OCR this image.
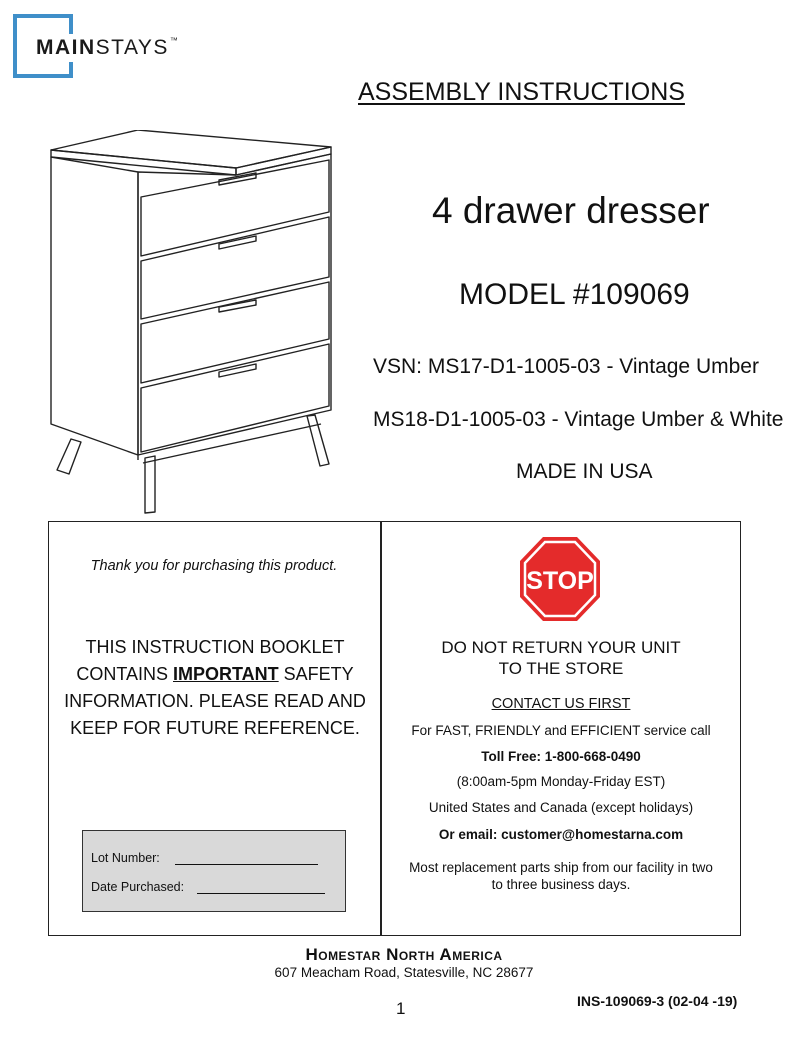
MAINSTAYS™
ASSEMBLY INSTRUCTIONS
4 drawer dresser
MODEL #109069
VSN: MS17-D1-1005-03 - Vintage Umber
MS18-D1-1005-03 - Vintage Umber & White
MADE IN USA
Thank you for purchasing this product.
THIS INSTRUCTION BOOKLET CONTAINS IMPORTANT SAFETY INFORMATION. PLEASE READ AND KEEP FOR FUTURE REFERENCE.
Lot Number:
Date Purchased:
STOP
DO NOT RETURN YOUR UNIT
TO THE STORE
CONTACT US FIRST
For FAST, FRIENDLY and EFFICIENT service call
Toll Free: 1-800-668-0490
(8:00am-5pm Monday-Friday EST)
United States and Canada (except holidays)
Or email: customer@homestarna.com
Most replacement parts ship from our facility in two
to three business days.
Homestar North America
607 Meacham Road, Statesville, NC 28677
1	INS-109069-3 (02-04 -19)
